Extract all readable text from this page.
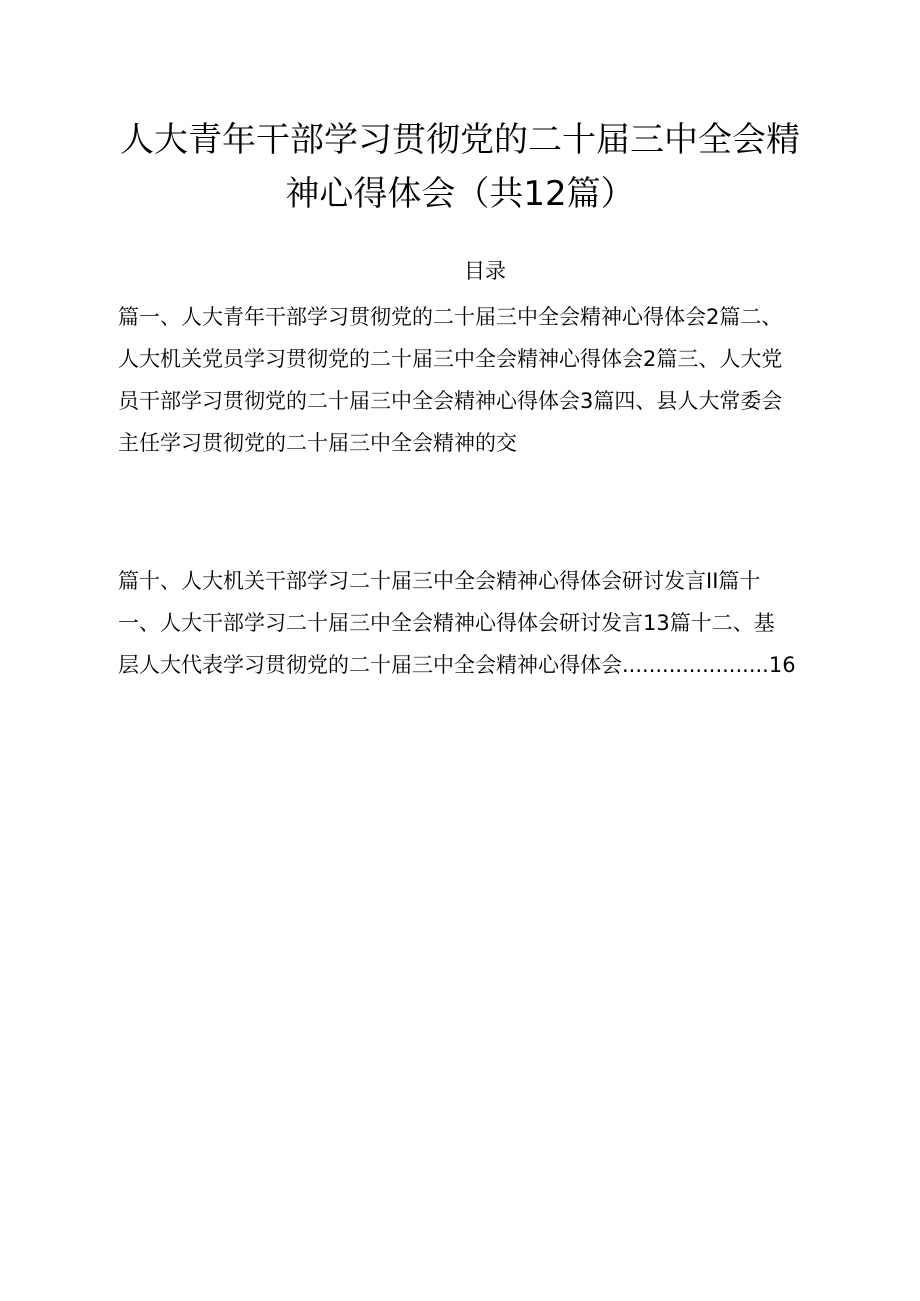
人大青年干部学习贯彻党的二十届三中全会精
神心得体会（共12篇）
目录
篇一、人大青年干部学习贯彻党的二十届三中全会精神心得体会2篇二、
人大机关党员学习贯彻党的二十届三中全会精神心得体会2篇三、人大党
员干部学习贯彻党的二十届三中全会精神心得体会3篇四、县人大常委会
主任学习贯彻党的二十届三中全会精神的交
篇十、人大机关干部学习二十届三中全会精神心得体会研讨发言II篇十
一、人大干部学习二十届三中全会精神心得体会研讨发言13篇十二、基
层人大代表学习贯彻党的二十届三中全会精神心得体会......................16
